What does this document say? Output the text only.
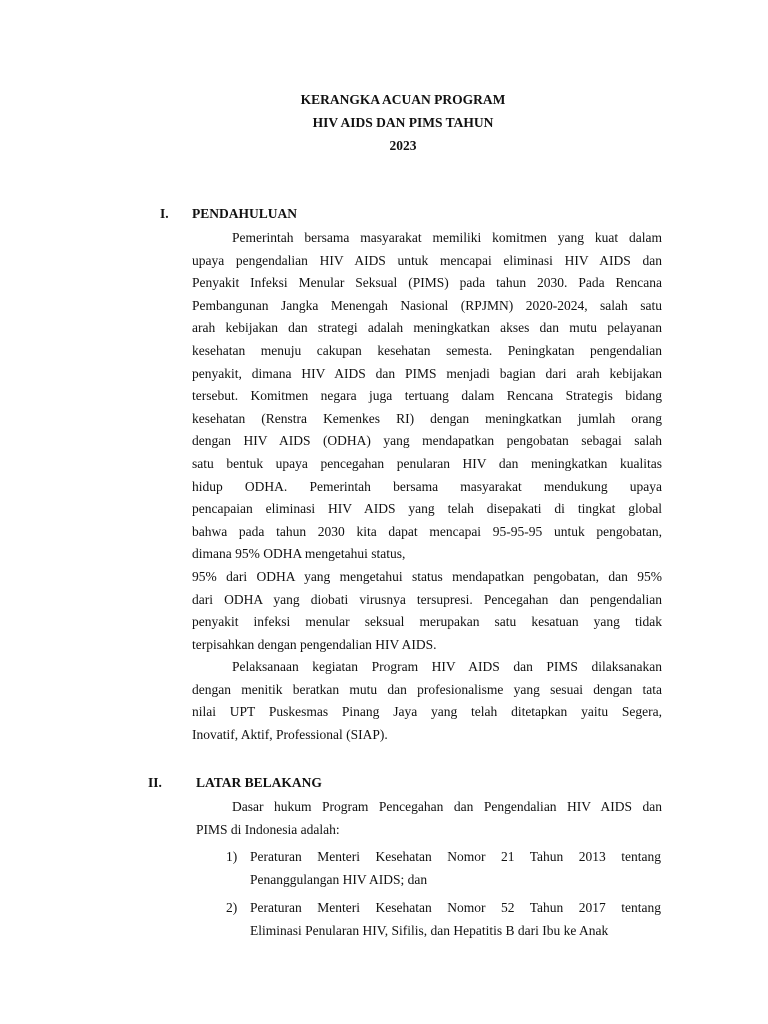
KERANGKA ACUAN PROGRAM
HIV AIDS DAN PIMS TAHUN
2023
I. PENDAHULUAN
Pemerintah bersama masyarakat memiliki komitmen yang kuat dalam
upaya pengendalian HIV AIDS untuk mencapai eliminasi HIV AIDS dan
Penyakit Infeksi Menular Seksual (PIMS) pada tahun 2030. Pada Rencana
Pembangunan Jangka Menengah Nasional (RPJMN) 2020-2024, salah satu
arah kebijakan dan strategi adalah meningkatkan akses dan mutu pelayanan
kesehatan menuju cakupan kesehatan semesta. Peningkatan pengendalian
penyakit, dimana HIV AIDS dan PIMS menjadi bagian dari arah kebijakan
tersebut. Komitmen negara juga tertuang dalam Rencana Strategis bidang
kesehatan (Renstra Kemenkes RI) dengan meningkatkan jumlah orang
dengan HIV AIDS (ODHA) yang mendapatkan pengobatan sebagai salah
satu bentuk upaya pencegahan penularan HIV dan meningkatkan kualitas
hidup ODHA. Pemerintah bersama masyarakat mendukung upaya
pencapaian eliminasi HIV AIDS yang telah disepakati di tingkat global
bahwa pada tahun 2030 kita dapat mencapai 95-95-95 untuk pengobatan,
dimana 95% ODHA mengetahui status,
95% dari ODHA yang mengetahui status mendapatkan pengobatan, dan 95%
dari ODHA yang diobati virusnya tersupresi. Pencegahan dan pengendalian
penyakit infeksi menular seksual merupakan satu kesatuan yang tidak
terpisahkan dengan pengendalian HIV AIDS.
Pelaksanaan kegiatan Program HIV AIDS dan PIMS dilaksanakan
dengan menitik beratkan mutu dan profesionalisme yang sesuai dengan tata
nilai UPT Puskesmas Pinang Jaya yang telah ditetapkan yaitu Segera,
Inovatif, Aktif, Professional (SIAP).
II.	LATAR BELAKANG
Dasar hukum Program Pencegahan dan Pengendalian HIV AIDS dan
PIMS di Indonesia adalah:
1) Peraturan Menteri Kesehatan Nomor 21 Tahun 2013 tentang
Penanggulangan HIV AIDS; dan
2) Peraturan Menteri Kesehatan Nomor 52 Tahun 2017 tentang
Eliminasi Penularan HIV, Sifilis, dan Hepatitis B dari Ibu ke Anak
